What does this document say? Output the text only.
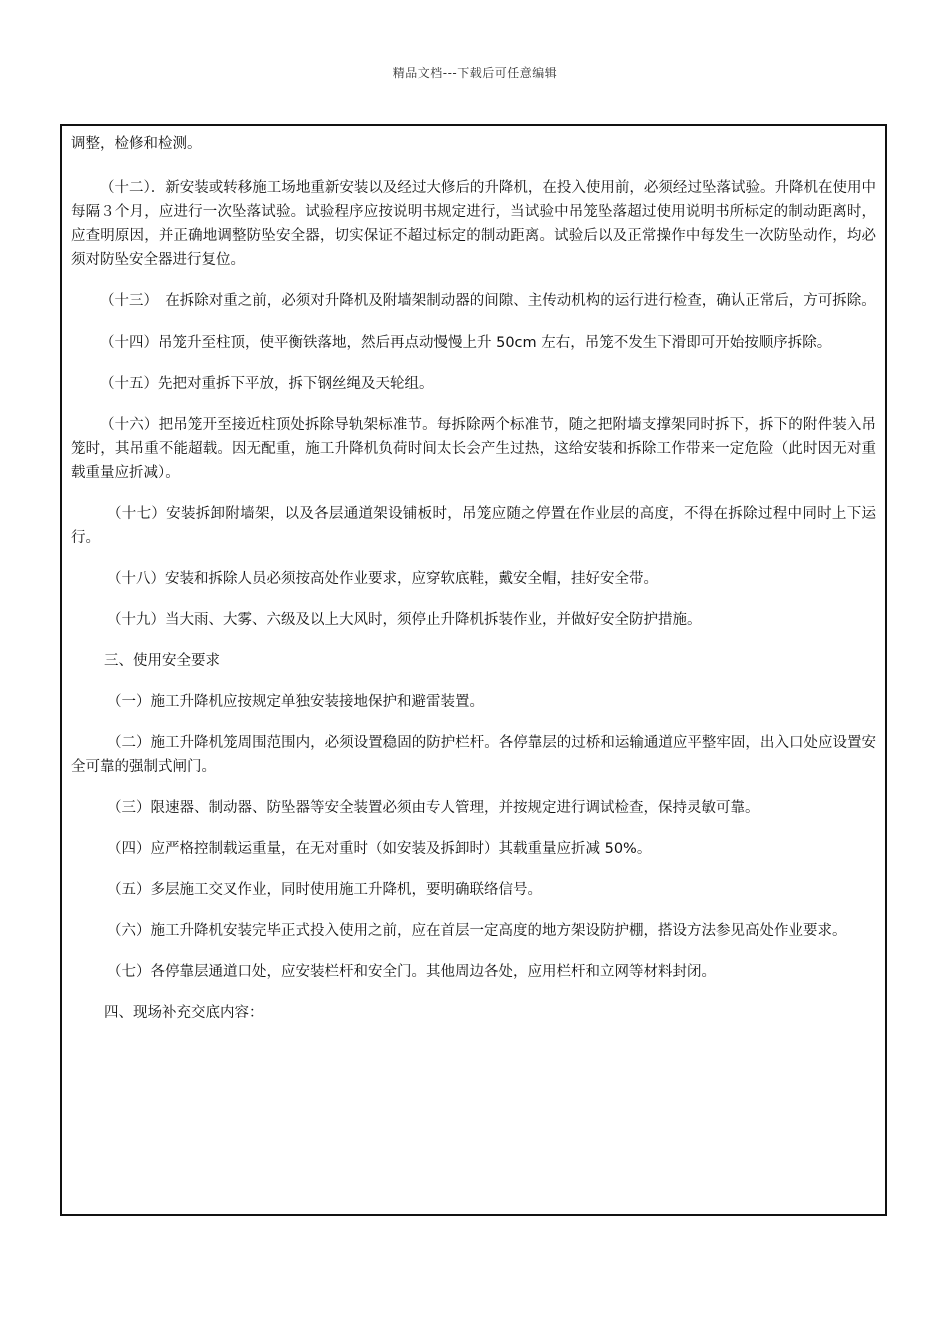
精品文档---下载后可任意编辑

调整，检修和检测。

（十二）．新安装或转移施工场地重新安装以及经过大修后的升降机，在投入使用前，必须经过坠落试验。升降机在使用中每隔３个月，应进行一次坠落试验。试验程序应按说明书规定进行，当试验中吊笼坠落超过使用说明书所标定的制动距离时，应查明原因，并正确地调整防坠安全器，切实保证不超过标定的制动距离。试验后以及正常操作中每发生一次防坠动作，均必须对防坠安全器进行复位。

（十三）　在拆除对重之前，必须对升降机及附墙架制动器的间隙、主传动机构的运行进行检查，确认正常后，方可拆除。

（十四）吊笼升至柱顶，使平衡铁落地，然后再点动慢慢上升 50cm 左右，吊笼不发生下滑即可开始按顺序拆除。

（十五）先把对重拆下平放，拆下钢丝绳及天轮组。

（十六）把吊笼开至接近柱顶处拆除导轨架标准节。每拆除两个标准节，随之把附墙支撑架同时拆下，拆下的附件装入吊笼时，其吊重不能超载。因无配重，施工升降机负荷时间太长会产生过热，这给安装和拆除工作带来一定危险（此时因无对重载重量应折减）。

（十七）安装拆卸附墙架，以及各层通道架设铺板时，吊笼应随之停置在作业层的高度，不得在拆除过程中同时上下运行。

（十八）安装和拆除人员必须按高处作业要求，应穿软底鞋，戴安全帽，挂好安全带。

（十九）当大雨、大雾、六级及以上大风时，须停止升降机拆装作业，并做好安全防护措施。

三、使用安全要求

（一）施工升降机应按规定单独安装接地保护和避雷装置。

（二）施工升降机笼周围范围内，必须设置稳固的防护栏杆。各停靠层的过桥和运输通道应平整牢固，出入口处应设置安全可靠的强制式闸门。

（三）限速器、制动器、防坠器等安全装置必须由专人管理，并按规定进行调试检查，保持灵敏可靠。

（四）应严格控制载运重量，在无对重时（如安装及拆卸时）其载重量应折减 50%。

（五）多层施工交叉作业，同时使用施工升降机，要明确联络信号。

（六）施工升降机安装完毕正式投入使用之前，应在首层一定高度的地方架设防护棚，搭设方法参见高处作业要求。

（七）各停靠层通道口处，应安装栏杆和安全门。其他周边各处，应用栏杆和立网等材料封闭。

四、现场补充交底内容：
